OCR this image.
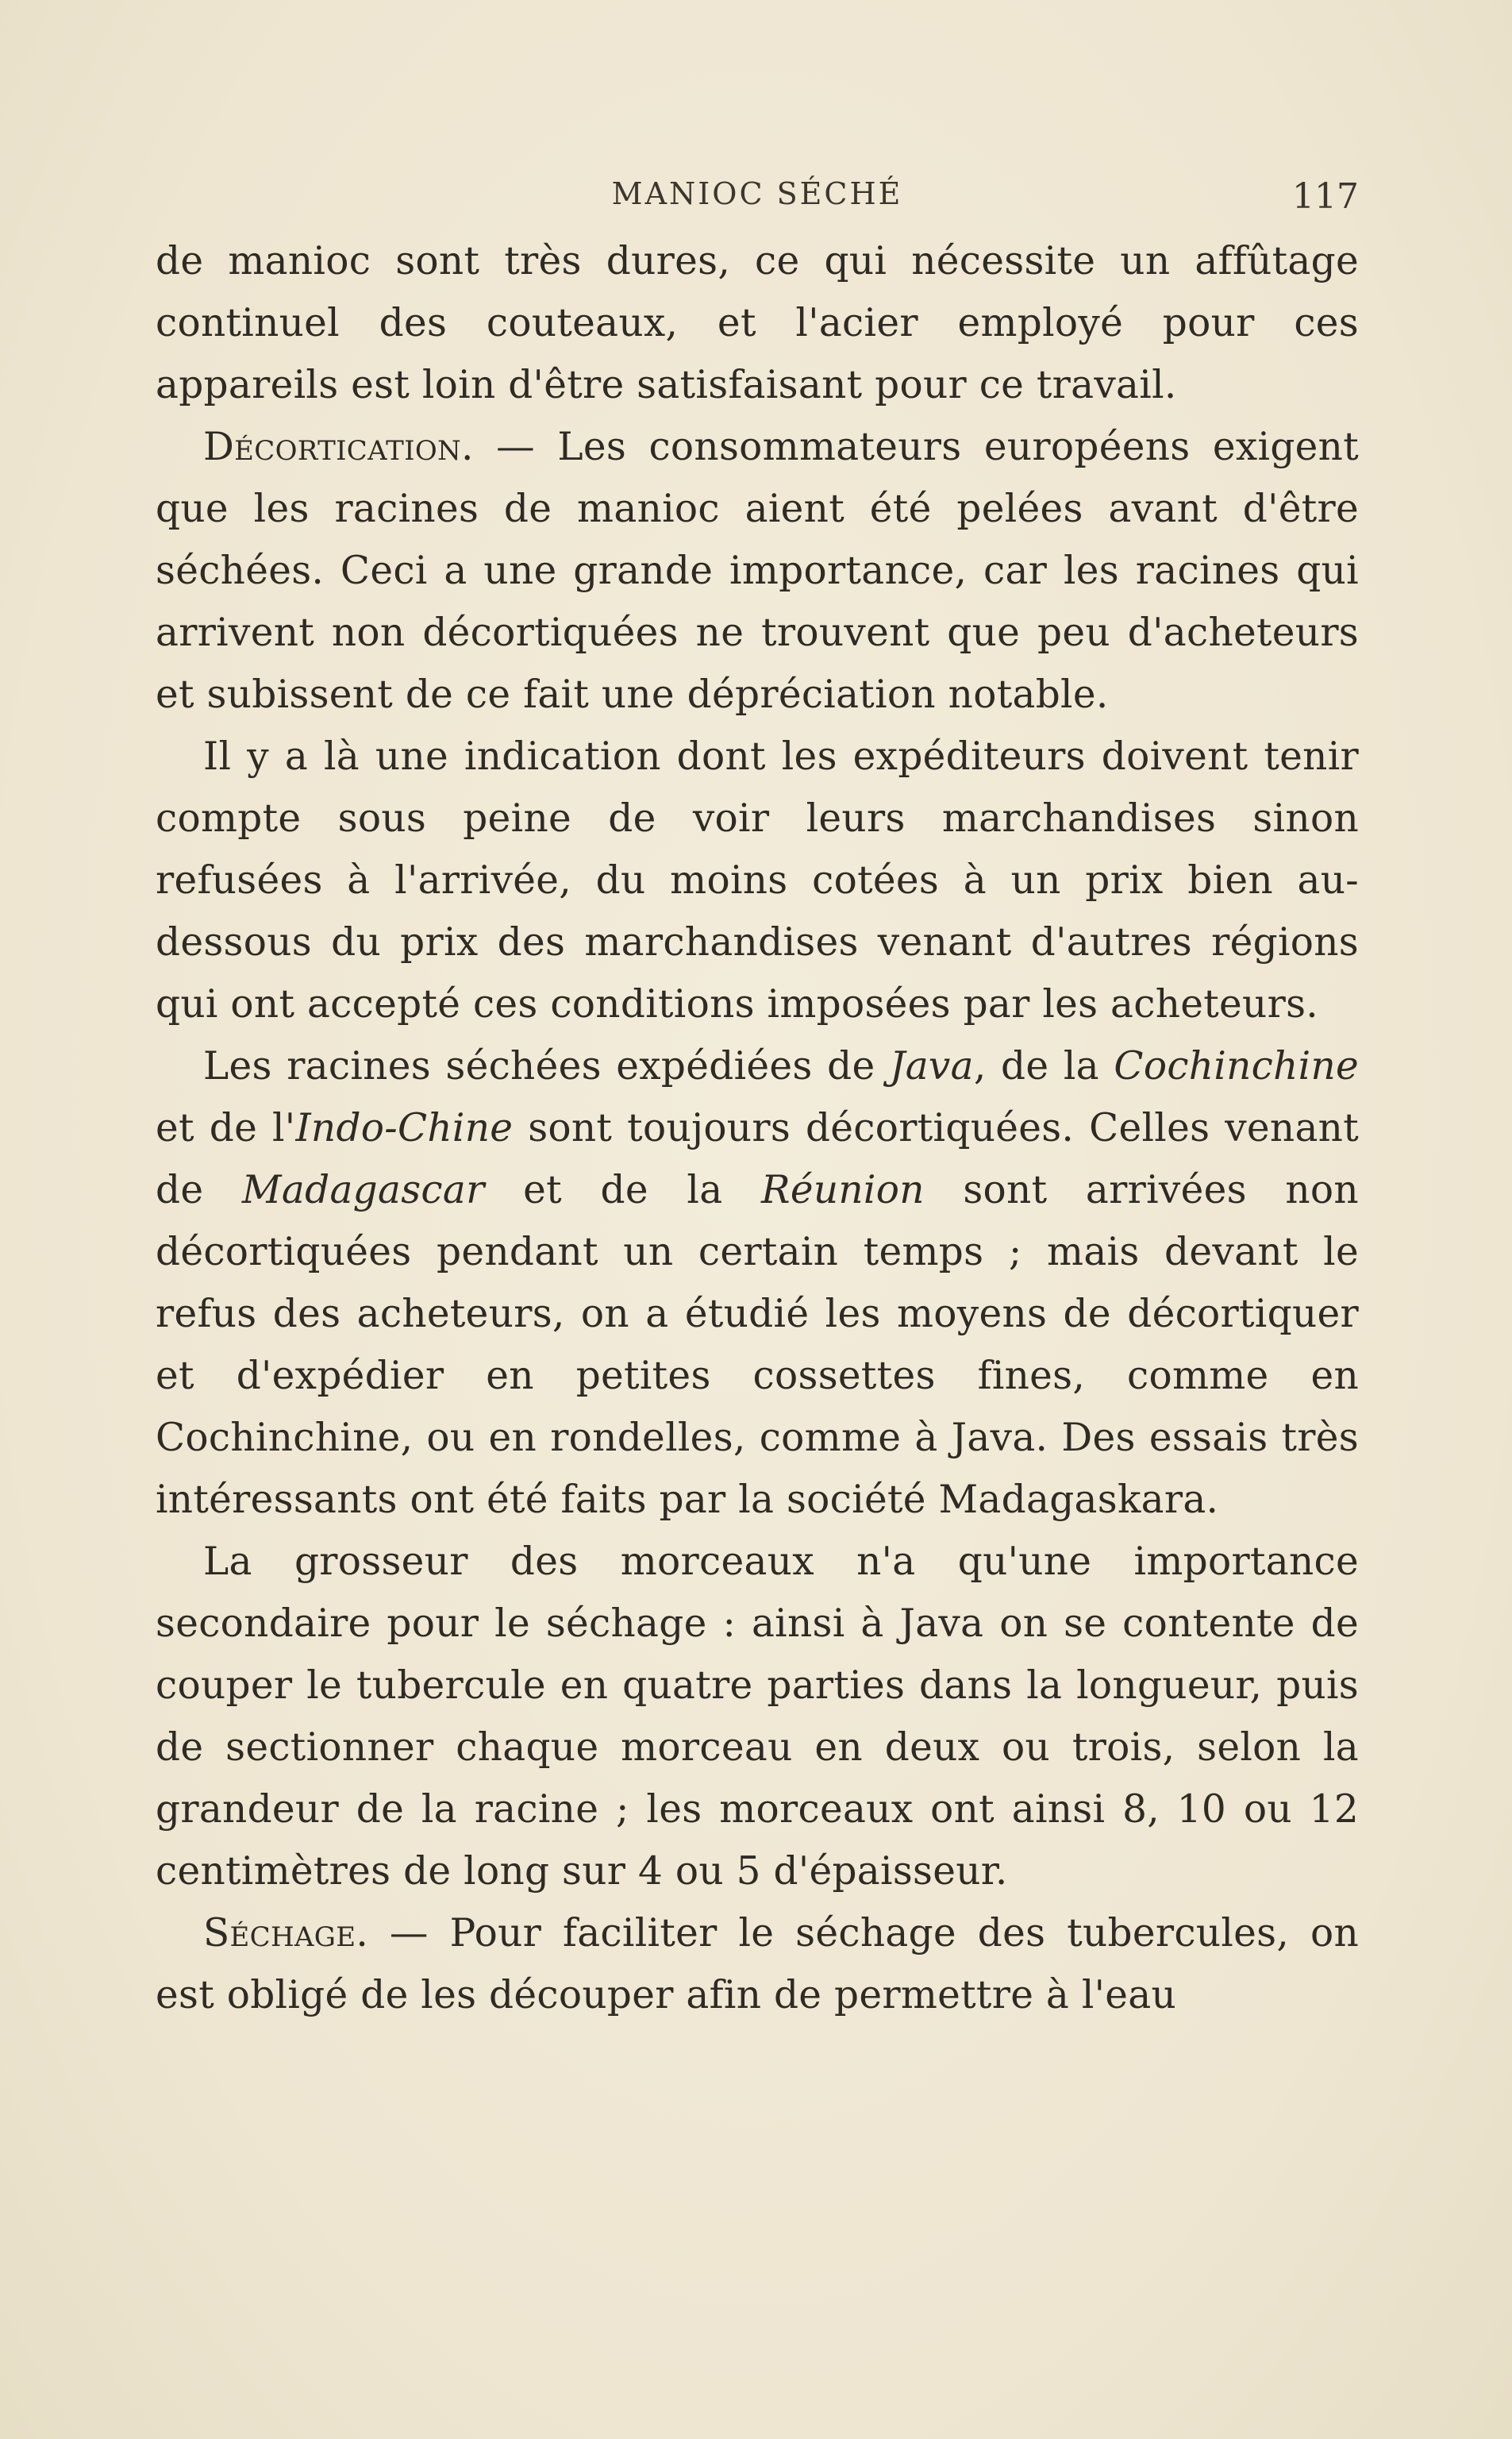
MANIOC SÉCHÉ	117

de manioc sont très dures, ce qui nécessite un affûtage continuel des couteaux, et l'acier employé pour ces appareils est loin d'être satisfaisant pour ce travail.

Décortication. — Les consommateurs européens exigent que les racines de manioc aient été pelées avant d'être séchées. Ceci a une grande importance, car les racines qui arrivent non décortiquées ne trouvent que peu d'acheteurs et subissent de ce fait une dépréciation notable.

Il y a là une indication dont les expéditeurs doivent tenir compte sous peine de voir leurs marchandises sinon refusées à l'arrivée, du moins cotées à un prix bien au-dessous du prix des marchandises venant d'autres régions qui ont accepté ces conditions imposées par les acheteurs.

Les racines séchées expédiées de Java, de la Cochinchine et de l'Indo-Chine sont toujours décortiquées. Celles venant de Madagascar et de la Réunion sont arrivées non décortiquées pendant un certain temps ; mais devant le refus des acheteurs, on a étudié les moyens de décortiquer et d'expédier en petites cossettes fines, comme en Cochinchine, ou en rondelles, comme à Java. Des essais très intéressants ont été faits par la société Madagaskara.

La grosseur des morceaux n'a qu'une importance secondaire pour le séchage : ainsi à Java on se contente de couper le tubercule en quatre parties dans la longueur, puis de sectionner chaque morceau en deux ou trois, selon la grandeur de la racine ; les morceaux ont ainsi 8, 10 ou 12 centimètres de long sur 4 ou 5 d'épaisseur.

Séchage. — Pour faciliter le séchage des tubercules, on est obligé de les découper afin de permettre à l'eau
